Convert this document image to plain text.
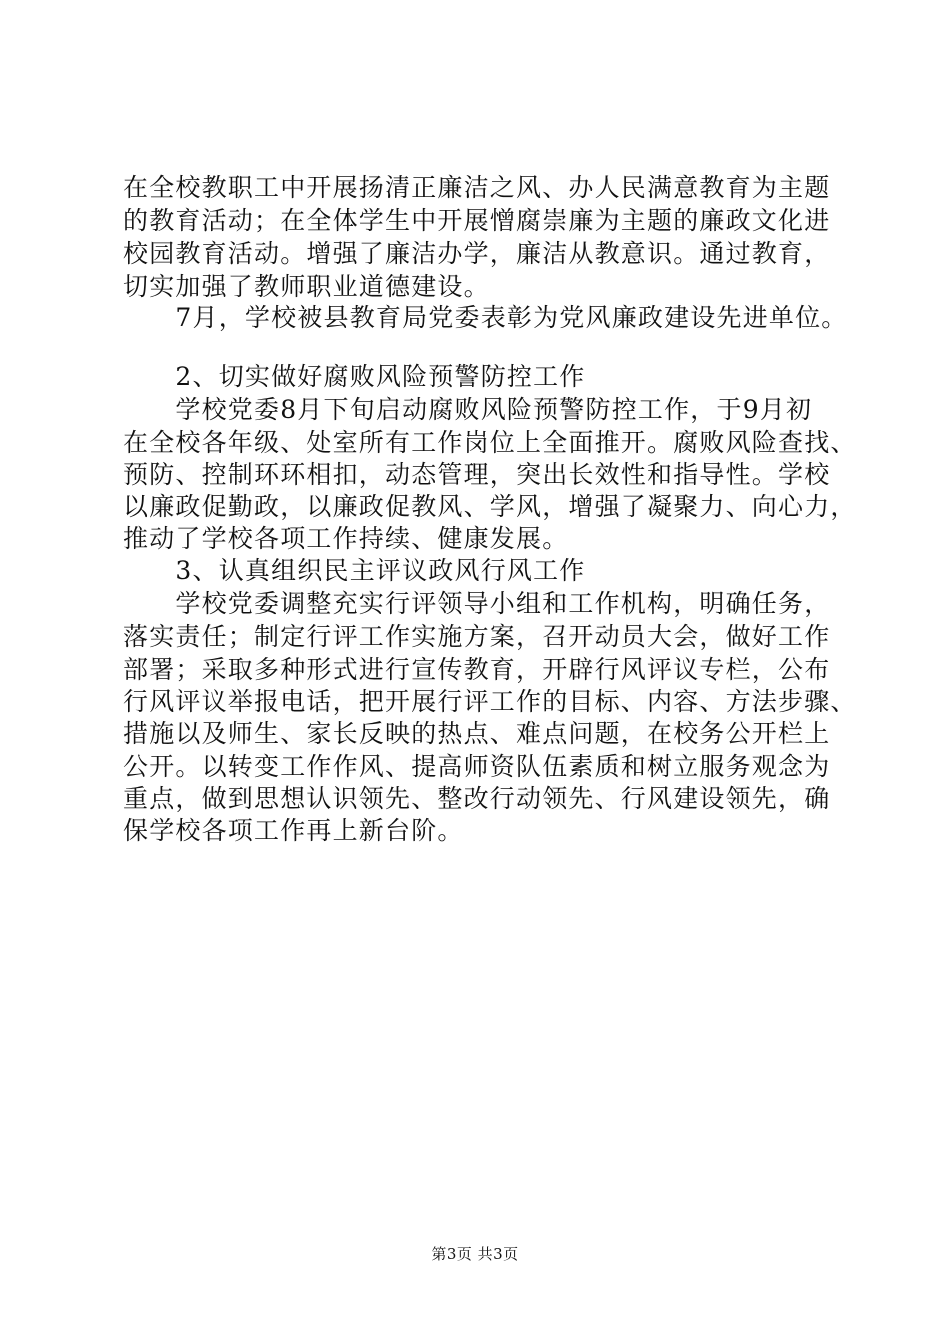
在全校教职工中开展扬清正廉洁之风、办人民满意教育为主题
的教育活动；在全体学生中开展憎腐崇廉为主题的廉政文化进
校园教育活动。增强了廉洁办学，廉洁从教意识。通过教育，
切实加强了教师职业道德建设。
　　7月，学校被县教育局党委表彰为党风廉政建设先进单位。
　　2、切实做好腐败风险预警防控工作
　　学校党委8月下旬启动腐败风险预警防控工作，于9月初
在全校各年级、处室所有工作岗位上全面推开。腐败风险查找、
预防、控制环环相扣，动态管理，突出长效性和指导性。学校
以廉政促勤政，以廉政促教风、学风，增强了凝聚力、向心力，
推动了学校各项工作持续、健康发展。
　　3、认真组织民主评议政风行风工作
　　学校党委调整充实行评领导小组和工作机构，明确任务，
落实责任；制定行评工作实施方案，召开动员大会，做好工作
部署；采取多种形式进行宣传教育，开辟行风评议专栏，公布
行风评议举报电话，把开展行评工作的目标、内容、方法步骤、
措施以及师生、家长反映的热点、难点问题，在校务公开栏上
公开。以转变工作作风、提高师资队伍素质和树立服务观念为
重点，做到思想认识领先、整改行动领先、行风建设领先，确
保学校各项工作再上新台阶。
第3页 共3页
